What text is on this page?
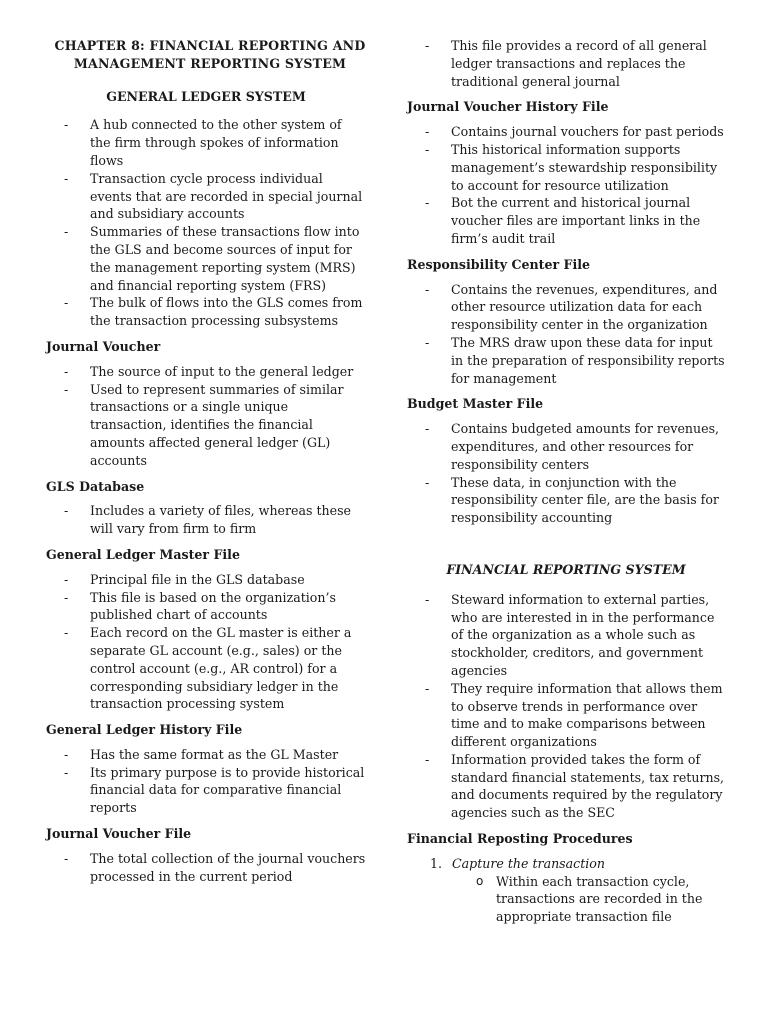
CHAPTER 8: FINANCIAL REPORTING AND MANAGEMENT REPORTING SYSTEM
GENERAL LEDGER SYSTEM
- A hub connected to the other system of the firm through spokes of information flows
- Transaction cycle process individual events that are recorded in special journal and subsidiary accounts
- Summaries of these transactions flow into the GLS and become sources of input for the management reporting system (MRS) and financial reporting system (FRS)
- The bulk of flows into the GLS comes from the transaction processing subsystems
Journal Voucher
- The source of input to the general ledger
- Used to represent summaries of similar transactions or a single unique transaction, identifies the financial amounts affected general ledger (GL) accounts
GLS Database
- Includes a variety of files, whereas these will vary from firm to firm
General Ledger Master File
- Principal file in the GLS database
- This file is based on the organization’s published chart of accounts
- Each record on the GL master is either a separate GL account (e.g., sales) or the control account (e.g., AR control) for a corresponding subsidiary ledger in the transaction processing system
General Ledger History File
- Has the same format as the GL Master
- Its primary purpose is to provide historical financial data for comparative financial reports
Journal Voucher File
- The total collection of the journal vouchers processed in the current period
- This file provides a record of all general ledger transactions and replaces the traditional general journal
Journal Voucher History File
- Contains journal vouchers for past periods
- This historical information supports management’s stewardship responsibility to account for resource utilization
- Bot the current and historical journal voucher files are important links in the firm’s audit trail
Responsibility Center File
- Contains the revenues, expenditures, and other resource utilization data for each responsibility center in the organization
- The MRS draw upon these data for input in the preparation of responsibility reports for management
Budget Master File
- Contains budgeted amounts for revenues, expenditures, and other resources for responsibility centers
- These data, in conjunction with the responsibility center file, are the basis for responsibility accounting
FINANCIAL REPORTING SYSTEM
- Steward information to external parties, who are interested in in the performance of the organization as a whole such as stockholder, creditors, and government agencies
- They require information that allows them to observe trends in performance over time and to make comparisons between different organizations
- Information provided takes the form of standard financial statements, tax returns, and documents required by the regulatory agencies such as the SEC
Financial Reposting Procedures
1. Capture the transaction
o Within each transaction cycle, transactions are recorded in the appropriate transaction file
